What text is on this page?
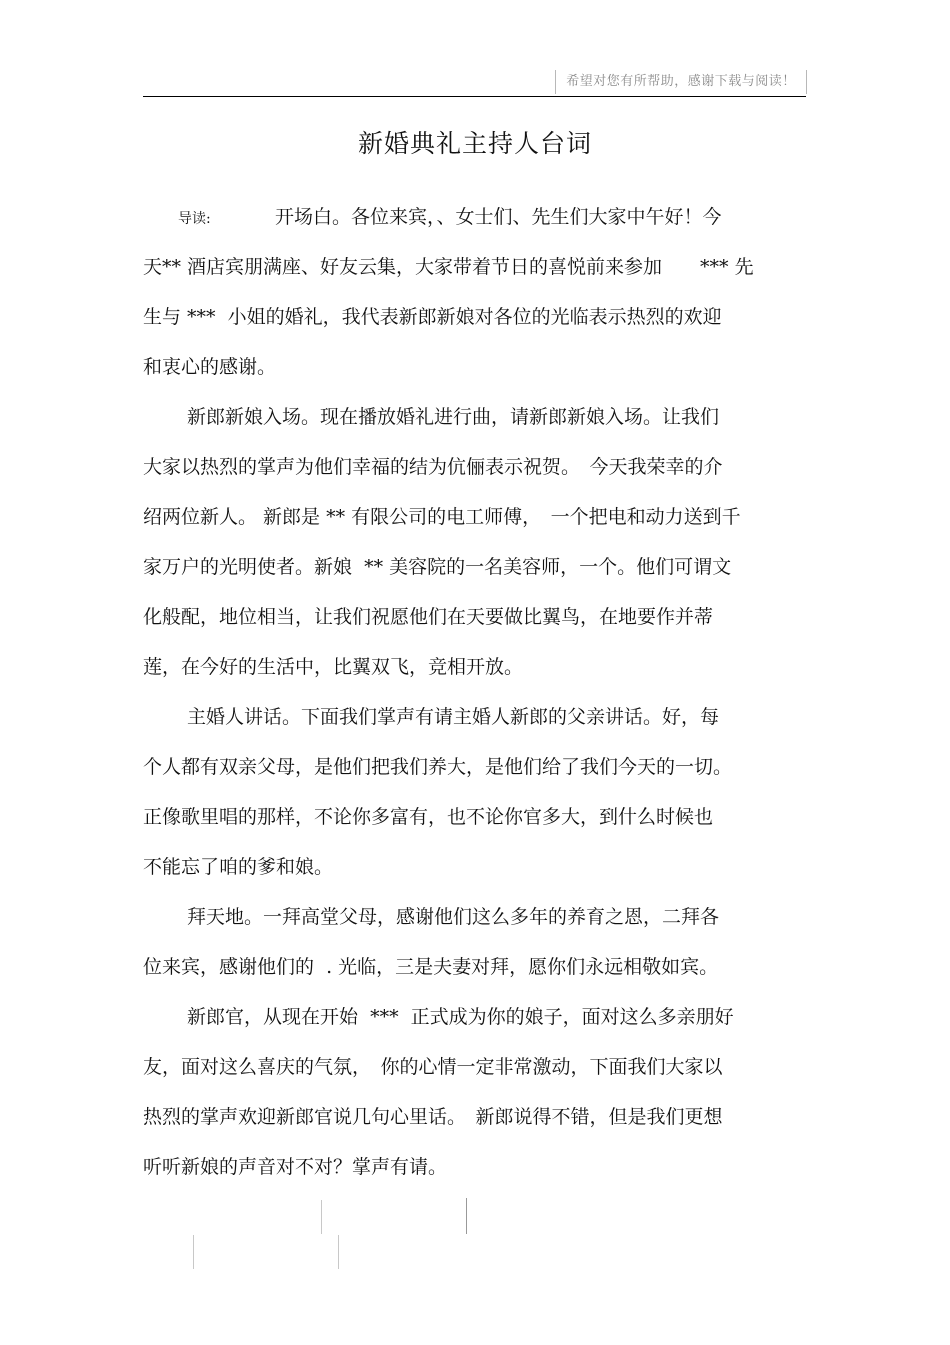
希望对您有所帮助，感谢下载与阅读！
新婚典礼主持人台词

导读:

	开场白。各位来宾，、女士们、先生们大家中午好！今

天** 酒店宾朋满座、好友云集，大家带着节日的喜悦前来参加　　*** 先
生与 ***  小姐的婚礼，我代表新郎新娘对各位的光临表示热烈的欢迎
和衷心的感谢。
新郎新娘入场。现在播放婚礼进行曲，请新郎新娘入场。让我们
大家以热烈的掌声为他们幸福的结为伉俪表示祝贺。　今天我荣幸的介
绍两位新人。 新郎是 ** 有限公司的电工师傅，　一个把电和动力送到千
家万户的光明使者。新娘  ** 美容院的一名美容师，一个。他们可谓文
化般配，地位相当，让我们祝愿他们在天要做比翼鸟，在地要作并蒂
莲，在今好的生活中，比翼双飞，竞相开放。
主婚人讲话。下面我们掌声有请主婚人新郎的父亲讲话。好，每
个人都有双亲父母，是他们把我们养大，是他们给了我们今天的一切。
正像歌里唱的那样，不论你多富有，也不论你官多大，到什么时候也
不能忘了咱的爹和娘。
拜天地。一拜高堂父母，感谢他们这么多年的养育之恩，二拜各
位来宾，感谢他们的  . 光临，三是夫妻对拜，愿你们永远相敬如宾。
新郎官，从现在开始  ***  正式成为你的娘子，面对这么多亲朋好
友，面对这么喜庆的气氛，　你的心情一定非常激动，下面我们大家以
热烈的掌声欢迎新郎官说几句心里话。　新郎说得不错，但是我们更想
听听新娘的声音对不对？掌声有请。
